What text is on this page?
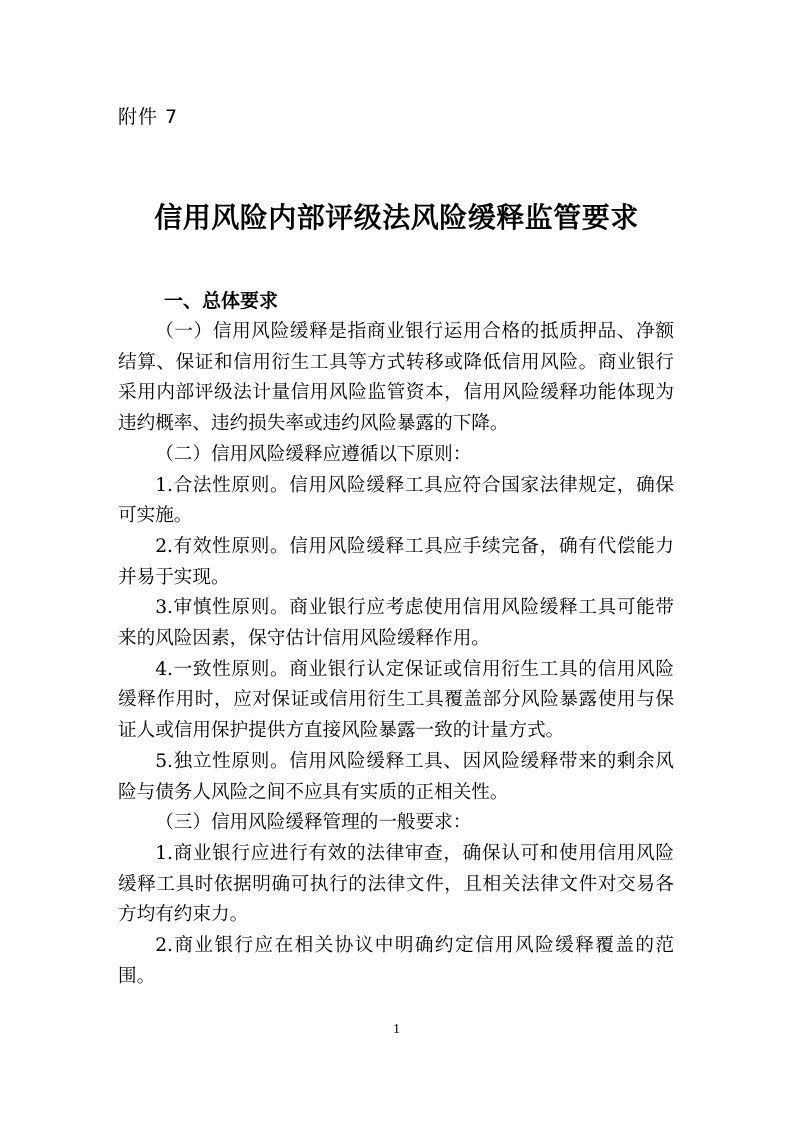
附件 7
信用风险内部评级法风险缓释监管要求
一、总体要求

（一）信用风险缓释是指商业银行运用合格的抵质押品、净额结算、保证和信用衍生工具等方式转移或降低信用风险。商业银行采用内部评级法计量信用风险监管资本，信用风险缓释功能体现为违约概率、违约损失率或违约风险暴露的下降。

（二）信用风险缓释应遵循以下原则：

1.合法性原则。信用风险缓释工具应符合国家法律规定，确保可实施。

2.有效性原则。信用风险缓释工具应手续完备，确有代偿能力并易于实现。

3.审慎性原则。商业银行应考虑使用信用风险缓释工具可能带来的风险因素，保守估计信用风险缓释作用。

4.一致性原则。商业银行认定保证或信用衍生工具的信用风险缓释作用时，应对保证或信用衍生工具覆盖部分风险暴露使用与保证人或信用保护提供方直接风险暴露一致的计量方式。

5.独立性原则。信用风险缓释工具、因风险缓释带来的剩余风险与债务人风险之间不应具有实质的正相关性。

（三）信用风险缓释管理的一般要求：

1.商业银行应进行有效的法律审查，确保认可和使用信用风险缓释工具时依据明确可执行的法律文件，且相关法律文件对交易各方均有约束力。

2.商业银行应在相关协议中明确约定信用风险缓释覆盖的范围。

1
